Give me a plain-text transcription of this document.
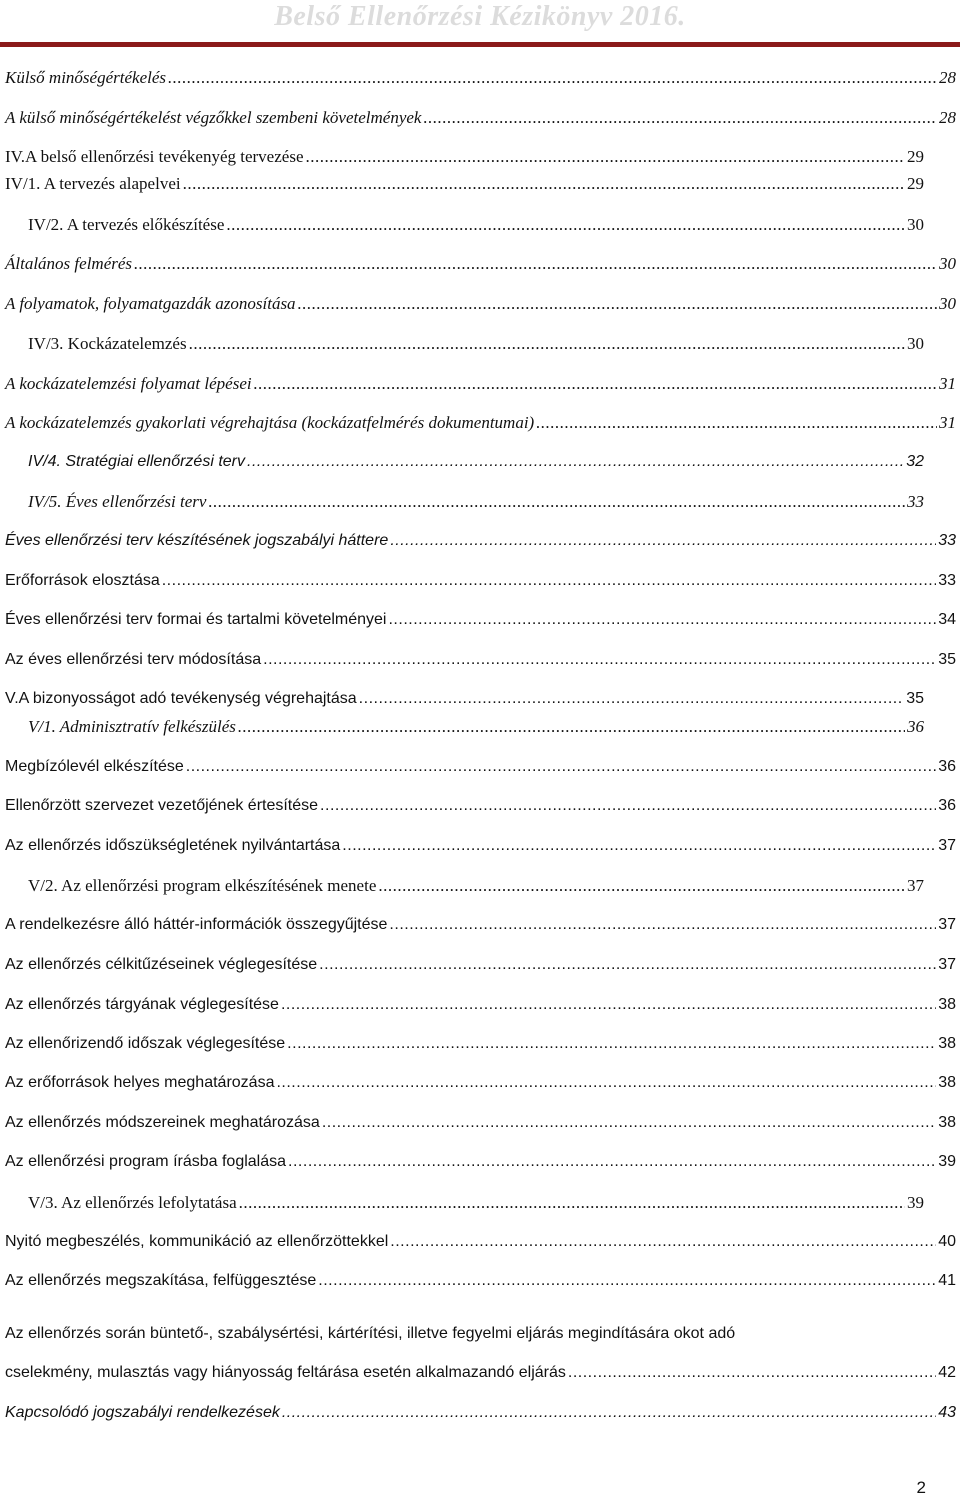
Belső Ellenőrzési Kézikönyv 2016.
Külső minőségértékelés .....	28
A külső minőségértékelést végzőkkel szembeni követelmények .....	28
IV. A belső ellenőrzési tevékenyég tervezése .....	29
IV/1. A tervezés alapelvei .....	29
IV/2. A tervezés előkészítése .....	30
Általános felmérés .....	30
A folyamatok, folyamatgazdák azonosítása .....	30
IV/3. Kockázatelemzés .....	30
A kockázatelemzési folyamat lépései .....	31
A kockázatelemzés gyakorlati végrehajtása (kockázatfelmérés dokumentumai) .....	31
IV/4. Stratégiai ellenőrzési terv .....	32
IV/5. Éves ellenőrzési terv .....	33
Éves ellenőrzési terv készítésének jogszabályi háttere .....	33
Erőforrások elosztása .....	33
Éves ellenőrzési terv formai és tartalmi követelményei .....	34
Az éves ellenőrzési terv módosítása .....	35
V. A bizonyosságot adó tevékenység végrehajtása .....	35
V/1. Adminisztratív felkészülés .....	36
Megbízólevél elkészítése .....	36
Ellenőrzött szervezet vezetőjének értesítése .....	36
Az ellenőrzés időszükségletének nyilvántartása .....	37
V/2. Az ellenőrzési program elkészítésének menete .....	37
A rendelkezésre álló háttér-információk összegyűjtése .....	37
Az ellenőrzés célkitűzéseinek véglegesítése .....	37
Az ellenőrzés tárgyának véglegesítése .....	38
Az ellenőrizendő időszak véglegesítése .....	38
Az erőforrások helyes meghatározása .....	38
Az ellenőrzés módszereinek meghatározása .....	38
Az ellenőrzési program írásba foglalása .....	39
V/3. Az ellenőrzés lefolytatása .....	39
Nyitó megbeszélés, kommunikáció az ellenőrzöttekkel .....	40
Az ellenőrzés megszakítása, felfüggesztése .....	41
Az ellenőrzés során büntető-, szabálysértési, kártérítési, illetve fegyelmi eljárás megindítására okot adó
cselekmény, mulasztás vagy hiányosság feltárása esetén alkalmazandó eljárás .....	42
Kapcsolódó jogszabályi rendelkezések .....	43
2
